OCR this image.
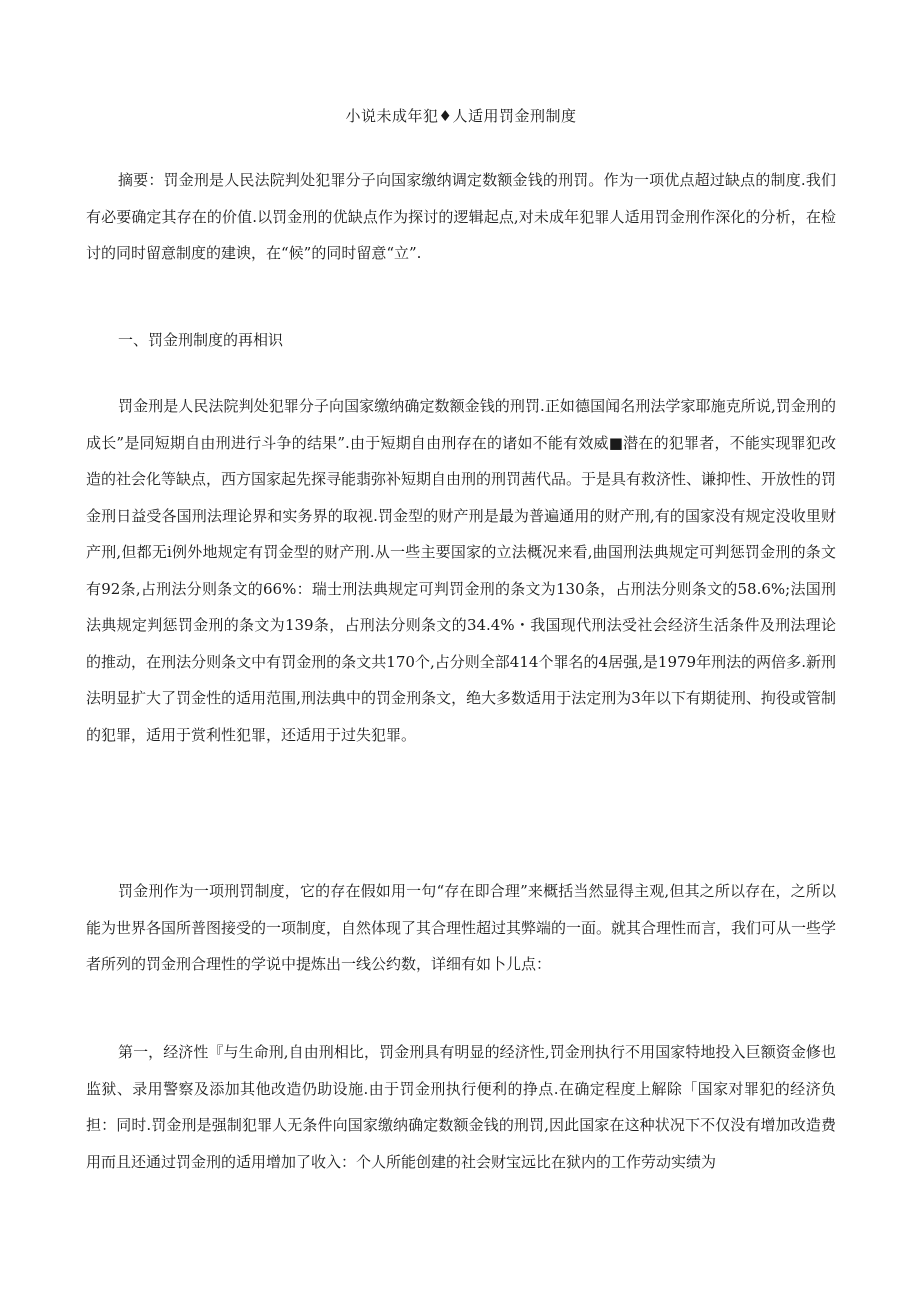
小说未成年犯♦人适用罚金刑制度

摘要：罚金刑是人民法院判处犯罪分子向国家缴纳调定数额金钱的刑罚。作为一项优点超过缺点的制度.我们有必要确定其存在的价值.以罚金刑的优缺点作为探讨的逻辑起点,对未成年犯罪人适用罚金刑作深化的分析，在检讨的同时留意制度的建谀，在“候”的同时留意“立”.

一、罚金刑制度的再相识

罚金刑是人民法院判处犯罪分子向国家缴纳确定数额金钱的刑罚.正如德国闻名刑法学家耶施克所说,罚金刑的成长”是同短期自由刑进行斗争的结果”.由于短期自由刑存在的诸如不能有效威■潜在的犯罪者，不能实现罪犯改造的社会化等缺点，西方国家起先探寻能翡弥补短期自由刑的刑罚茜代品。于是具有救济性、谦抑性、开放性的罚金刑日益受各国刑法理论界和实务界的取视.罚金型的财产刑是最为普遍通用的财产刑,有的国家没有规定没收里财产刑,但都无i例外地规定有罚金型的财产刑.从一些主要国家的立法概况来看,曲国刑法典规定可判惩罚金刑的条文有92条,占刑法分则条文的66%：瑞士刑法典规定可判罚金刑的条文为130条，占刑法分则条文的58.6%;法国刑法典规定判惩罚金刑的条文为139条，占刑法分则条文的34.4%・我国现代刑法受社会经济生活条件及刑法理论的推动，在刑法分则条文中有罚金刑的条文共170个,占分则全部414个罪名的4居强,是1979年刑法的两倍多.新刑法明显扩大了罚金性的适用范围,刑法典中的罚金刑条文，绝大多数适用于法定刑为3年以下有期徒刑、拘役或管制的犯罪，适用于赏利性犯罪，还适用于过失犯罪。

罚金刑作为一项刑罚制度，它的存在假如用一句“存在即合理”来概括当然显得主观,但其之所以存在，之所以能为世界各国所普图接受的一项制度，自然体现了其合理性超过其弊端的一面。就其合理性而言，我们可从一些学者所列的罚金刑合理性的学说中提炼出一线公约数，详细有如卜儿点：

第一，经济性『与生命刑,自由刑相比，罚金刑具有明显的经济性,罚金刑执行不用国家特地投入巨额资金修也监狱、录用警察及添加其他改造仍助设施.由于罚金刑执行便利的挣点.在确定程度上解除「国家对罪犯的经济负担：同时.罚金刑是强制犯罪人无条件向国家缴纳确定数额金钱的刑罚,因此国家在这种状况下不仅没有增加改造费用而且还通过罚金刑的适用增加了收入：个人所能创建的社会财宝远比在狱内的工作劳动实绩为
